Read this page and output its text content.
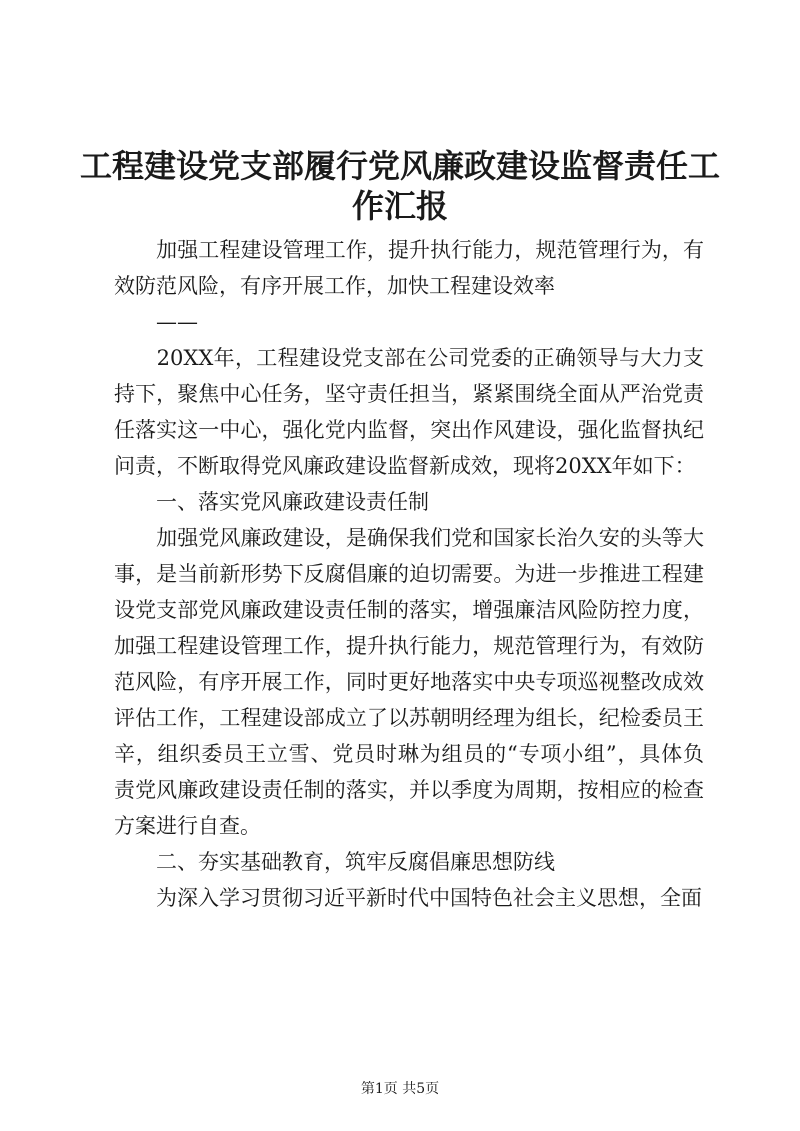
工程建设党支部履行党风廉政建设监督责任工
作汇报
　　加强工程建设管理工作，提升执行能力，规范管理行为，有
效防范风险，有序开展工作，加快工程建设效率
　　——
　　20XX年，工程建设党支部在公司党委的正确领导与大力支
持下，聚焦中心任务，坚守责任担当，紧紧围绕全面从严治党责
任落实这一中心，强化党内监督，突出作风建设，强化监督执纪
问责，不断取得党风廉政建设监督新成效，现将20XX年如下：
　　一、落实党风廉政建设责任制
　　加强党风廉政建设，是确保我们党和国家长治久安的头等大
事，是当前新形势下反腐倡廉的迫切需要。为进一步推进工程建
设党支部党风廉政建设责任制的落实，增强廉洁风险防控力度，
加强工程建设管理工作，提升执行能力，规范管理行为，有效防
范风险，有序开展工作，同时更好地落实中央专项巡视整改成效
评估工作，工程建设部成立了以苏朝明经理为组长，纪检委员王
辛，组织委员王立雪、党员时琳为组员的“专项小组”，具体负
责党风廉政建设责任制的落实，并以季度为周期，按相应的检查
方案进行自查。
　　二、夯实基础教育，筑牢反腐倡廉思想防线
　　为深入学习贯彻习近平新时代中国特色社会主义思想，全面
第1页 共5页
